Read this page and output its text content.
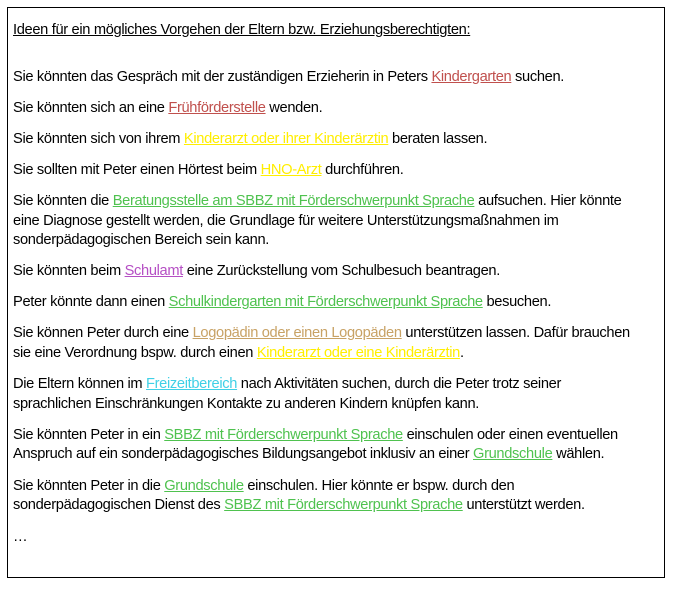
Ideen für ein mögliches Vorgehen der Eltern bzw. Erziehungsberechtigten:

Sie könnten das Gespräch mit der zuständigen Erzieherin in Peters Kindergarten suchen.

Sie könnten sich an eine Frühförderstelle wenden.

Sie könnten sich von ihrem Kinderarzt oder ihrer Kinderärztin beraten lassen.

Sie sollten mit Peter einen Hörtest beim HNO-Arzt durchführen.

Sie könnten die Beratungsstelle am SBBZ mit Förderschwerpunkt Sprache aufsuchen. Hier könnte eine Diagnose gestellt werden, die Grundlage für weitere Unterstützungsmaßnahmen im sonderpädagogischen Bereich sein kann.

Sie könnten beim Schulamt eine Zurückstellung vom Schulbesuch beantragen.

Peter könnte dann einen Schulkindergarten mit Förderschwerpunkt Sprache besuchen.

Sie können Peter durch eine Logopädin oder einen Logopäden unterstützen lassen. Dafür brauchen sie eine Verordnung bspw. durch einen Kinderarzt oder eine Kinderärztin.

Die Eltern können im Freizeitbereich nach Aktivitäten suchen, durch die Peter trotz seiner sprachlichen Einschränkungen Kontakte zu anderen Kindern knüpfen kann.

Sie könnten Peter in ein SBBZ mit Förderschwerpunkt Sprache einschulen oder einen eventuellen Anspruch auf ein sonderpädagogisches Bildungsangebot inklusiv an einer Grundschule wählen.

Sie könnten Peter in die Grundschule einschulen. Hier könnte er bspw. durch den sonderpädagogischen Dienst des SBBZ mit Förderschwerpunkt Sprache unterstützt werden.

…
